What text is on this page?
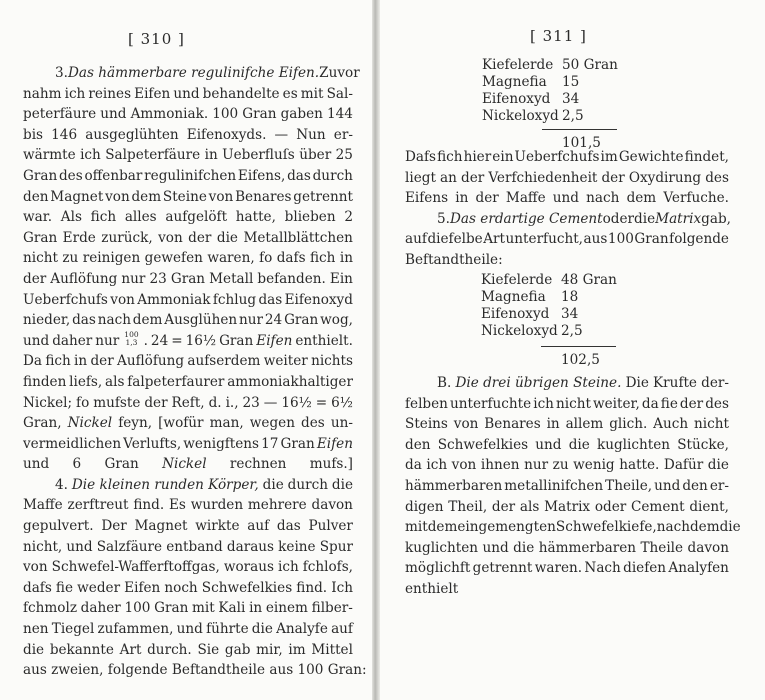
[ 310 ]
3. Das hämmerbare regulinifche Eifen. Zuvor
nahm ich reines Eifen und behandelte es mit Sal-
peterfäure und Ammoniak. 100 Gran gaben 144
bis 146 ausgeglühten Eifenoxyds. — Nun er-
wärmte ich Salpeterfäure in Ueberfluſs über 25
Gran des offenbar regulinifchen Eifens, das durch
den Magnet von dem Steine von Benares getrennt
war. Als fich alles aufgelöft hatte, blieben 2
Gran Erde zurück, von der die Metallblättchen
nicht zu reinigen gewefen waren, fo dafs fich in
der Auflöfung nur 23 Gran Metall befanden. Ein
Ueberfchufs von Ammoniak fchlug das Eifenoxyd
nieder, das nach dem Ausglühen nur 24 Gran wog,
und daher nur 100
1,3 . 24 = 16½ Gran Eifen enthielt.
Da fich in der Auflöfung aufserdem weiter nichts
finden liefs, als falpeterfaurer ammoniakhaltiger
Nickel; fo mufste der Reft, d. i., 23 — 16½ = 6½
Gran, Nickel feyn, [wofür man, wegen des un-
vermeidlichen Verlufts, wenigftens 17 Gran Eifen
und 6 Gran Nickel rechnen mufs.]
4. Die kleinen runden Körper, die durch die
Maffe zerftreut find. Es wurden mehrere davon
gepulvert. Der Magnet wirkte auf das Pulver
nicht, und Salzfäure entband daraus keine Spur
von Schwefel-Wafferftoffgas, woraus ich fchlofs,
dafs fie weder Eifen noch Schwefelkies find. Ich
fchmolz daher 100 Gran mit Kali in einem filber-
nen Tiegel zufammen, und führte die Analyfe auf
die bekannte Art durch. Sie gab mir, im Mittel
aus zweien, folgende Beftandtheile aus 100 Gran:
[ 311 ]
Kiefelerde 50 Gran
Magnefia	15
Eifenoxyd 34
Nickeloxyd 2,5
101,5
Dafs fich hier ein Ueberfchufs im Gewichte findet,
liegt an der Verfchiedenheit der Oxydirung des
Eifens in der Maffe und nach dem Verfuche.
5. Das erdartige Cement oder die Matrix gab,
auf diefelbe Art unterfucht, aus 100 Gran folgende
Beftandtheile:
Kiefelerde 48 Gran
Magnefia	18
Eifenoxyd 34
Nickeloxyd 2,5
102,5
B. Die drei übrigen Steine. Die Krufte der-
felben unterfuchte ich nicht weiter, da fie der des
Steins von Benares in allem glich. Auch nicht
den Schwefelkies und die kuglichten Stücke,
da ich von ihnen nur zu wenig hatte. Dafür die
hämmerbaren metallinifchen Theile, und den er-
digen Theil, der als Matrix oder Cement dient,
mit dem eingemengten Schwefelkiefe, nachdem die
kuglichten und die hämmerbaren Theile davon
möglichft getrennt waren. Nach diefen Analyfen
enthielt
